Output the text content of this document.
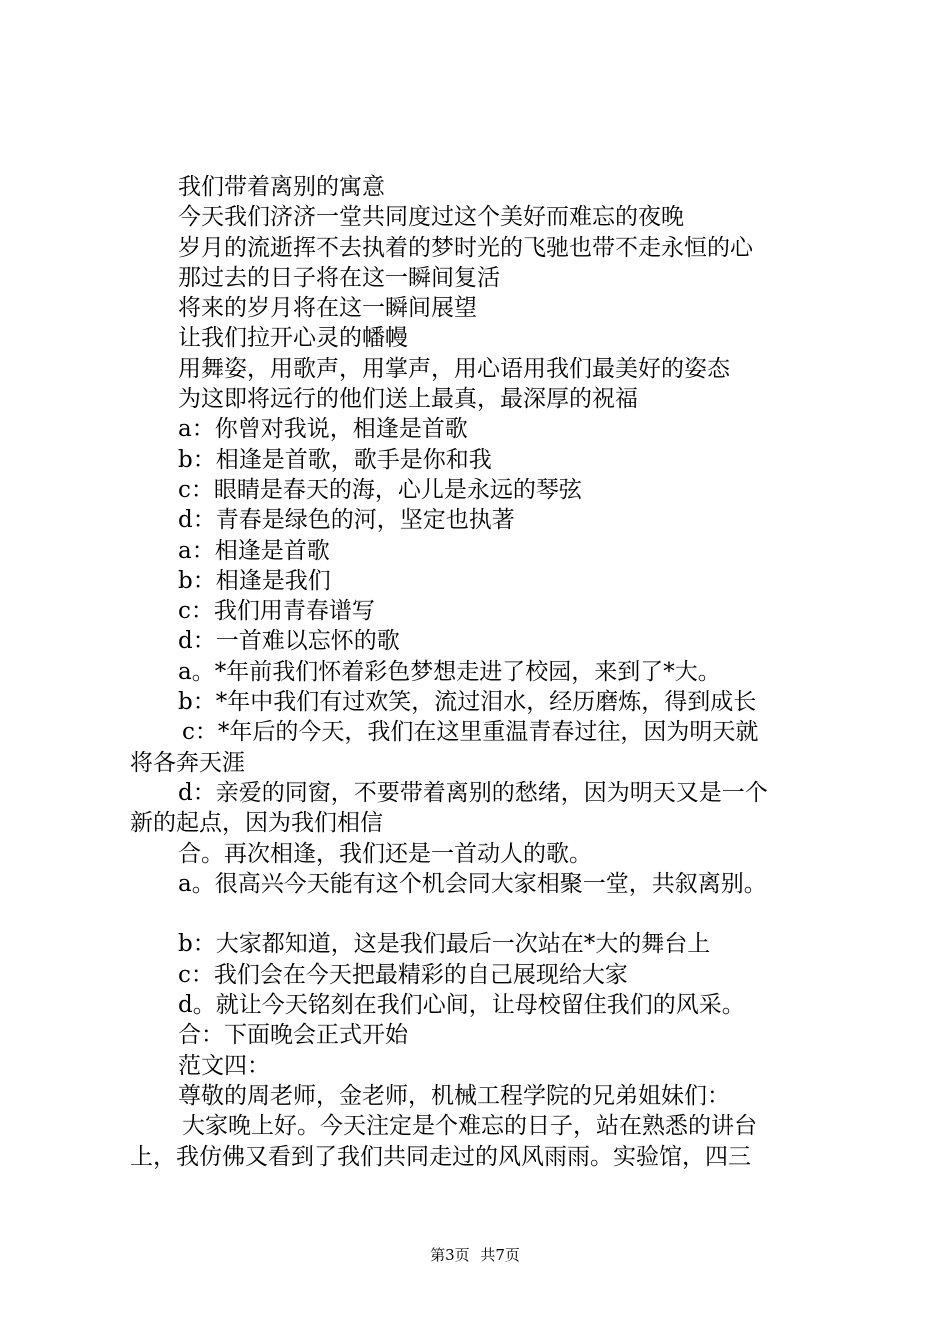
我们带着离别的寓意
今天我们济济一堂共同度过这个美好而难忘的夜晚
岁月的流逝挥不去执着的梦时光的飞驰也带不走永恒的心
那过去的日子将在这一瞬间复活
将来的岁月将在这一瞬间展望
让我们拉开心灵的幡幔
用舞姿，用歌声，用掌声，用心语用我们最美好的姿态
为这即将远行的他们送上最真，最深厚的祝福
a：你曾对我说，相逢是首歌
b：相逢是首歌，歌手是你和我
c：眼睛是春天的海，心儿是永远的琴弦
d：青春是绿色的河，坚定也执著
a：相逢是首歌
b：相逢是我们
c：我们用青春谱写
d：一首难以忘怀的歌
a。*年前我们怀着彩色梦想走进了校园，来到了*大。
b：*年中我们有过欢笑，流过泪水，经历磨炼，得到成长
c：*年后的今天，我们在这里重温青春过往，因为明天就
将各奔天涯
d：亲爱的同窗，不要带着离别的愁绪，因为明天又是一个
新的起点，因为我们相信
合。再次相逢，我们还是一首动人的歌。
a。很高兴今天能有这个机会同大家相聚一堂，共叙离别。
b：大家都知道，这是我们最后一次站在*大的舞台上
c：我们会在今天把最精彩的自己展现给大家
d。就让今天铭刻在我们心间，让母校留住我们的风采。
合：下面晚会正式开始
范文四：
尊敬的周老师，金老师，机械工程学院的兄弟姐妹们：
大家晚上好。今天注定是个难忘的日子，站在熟悉的讲台
上，我仿佛又看到了我们共同走过的风风雨雨。实验馆，四三
第3页 共7页
